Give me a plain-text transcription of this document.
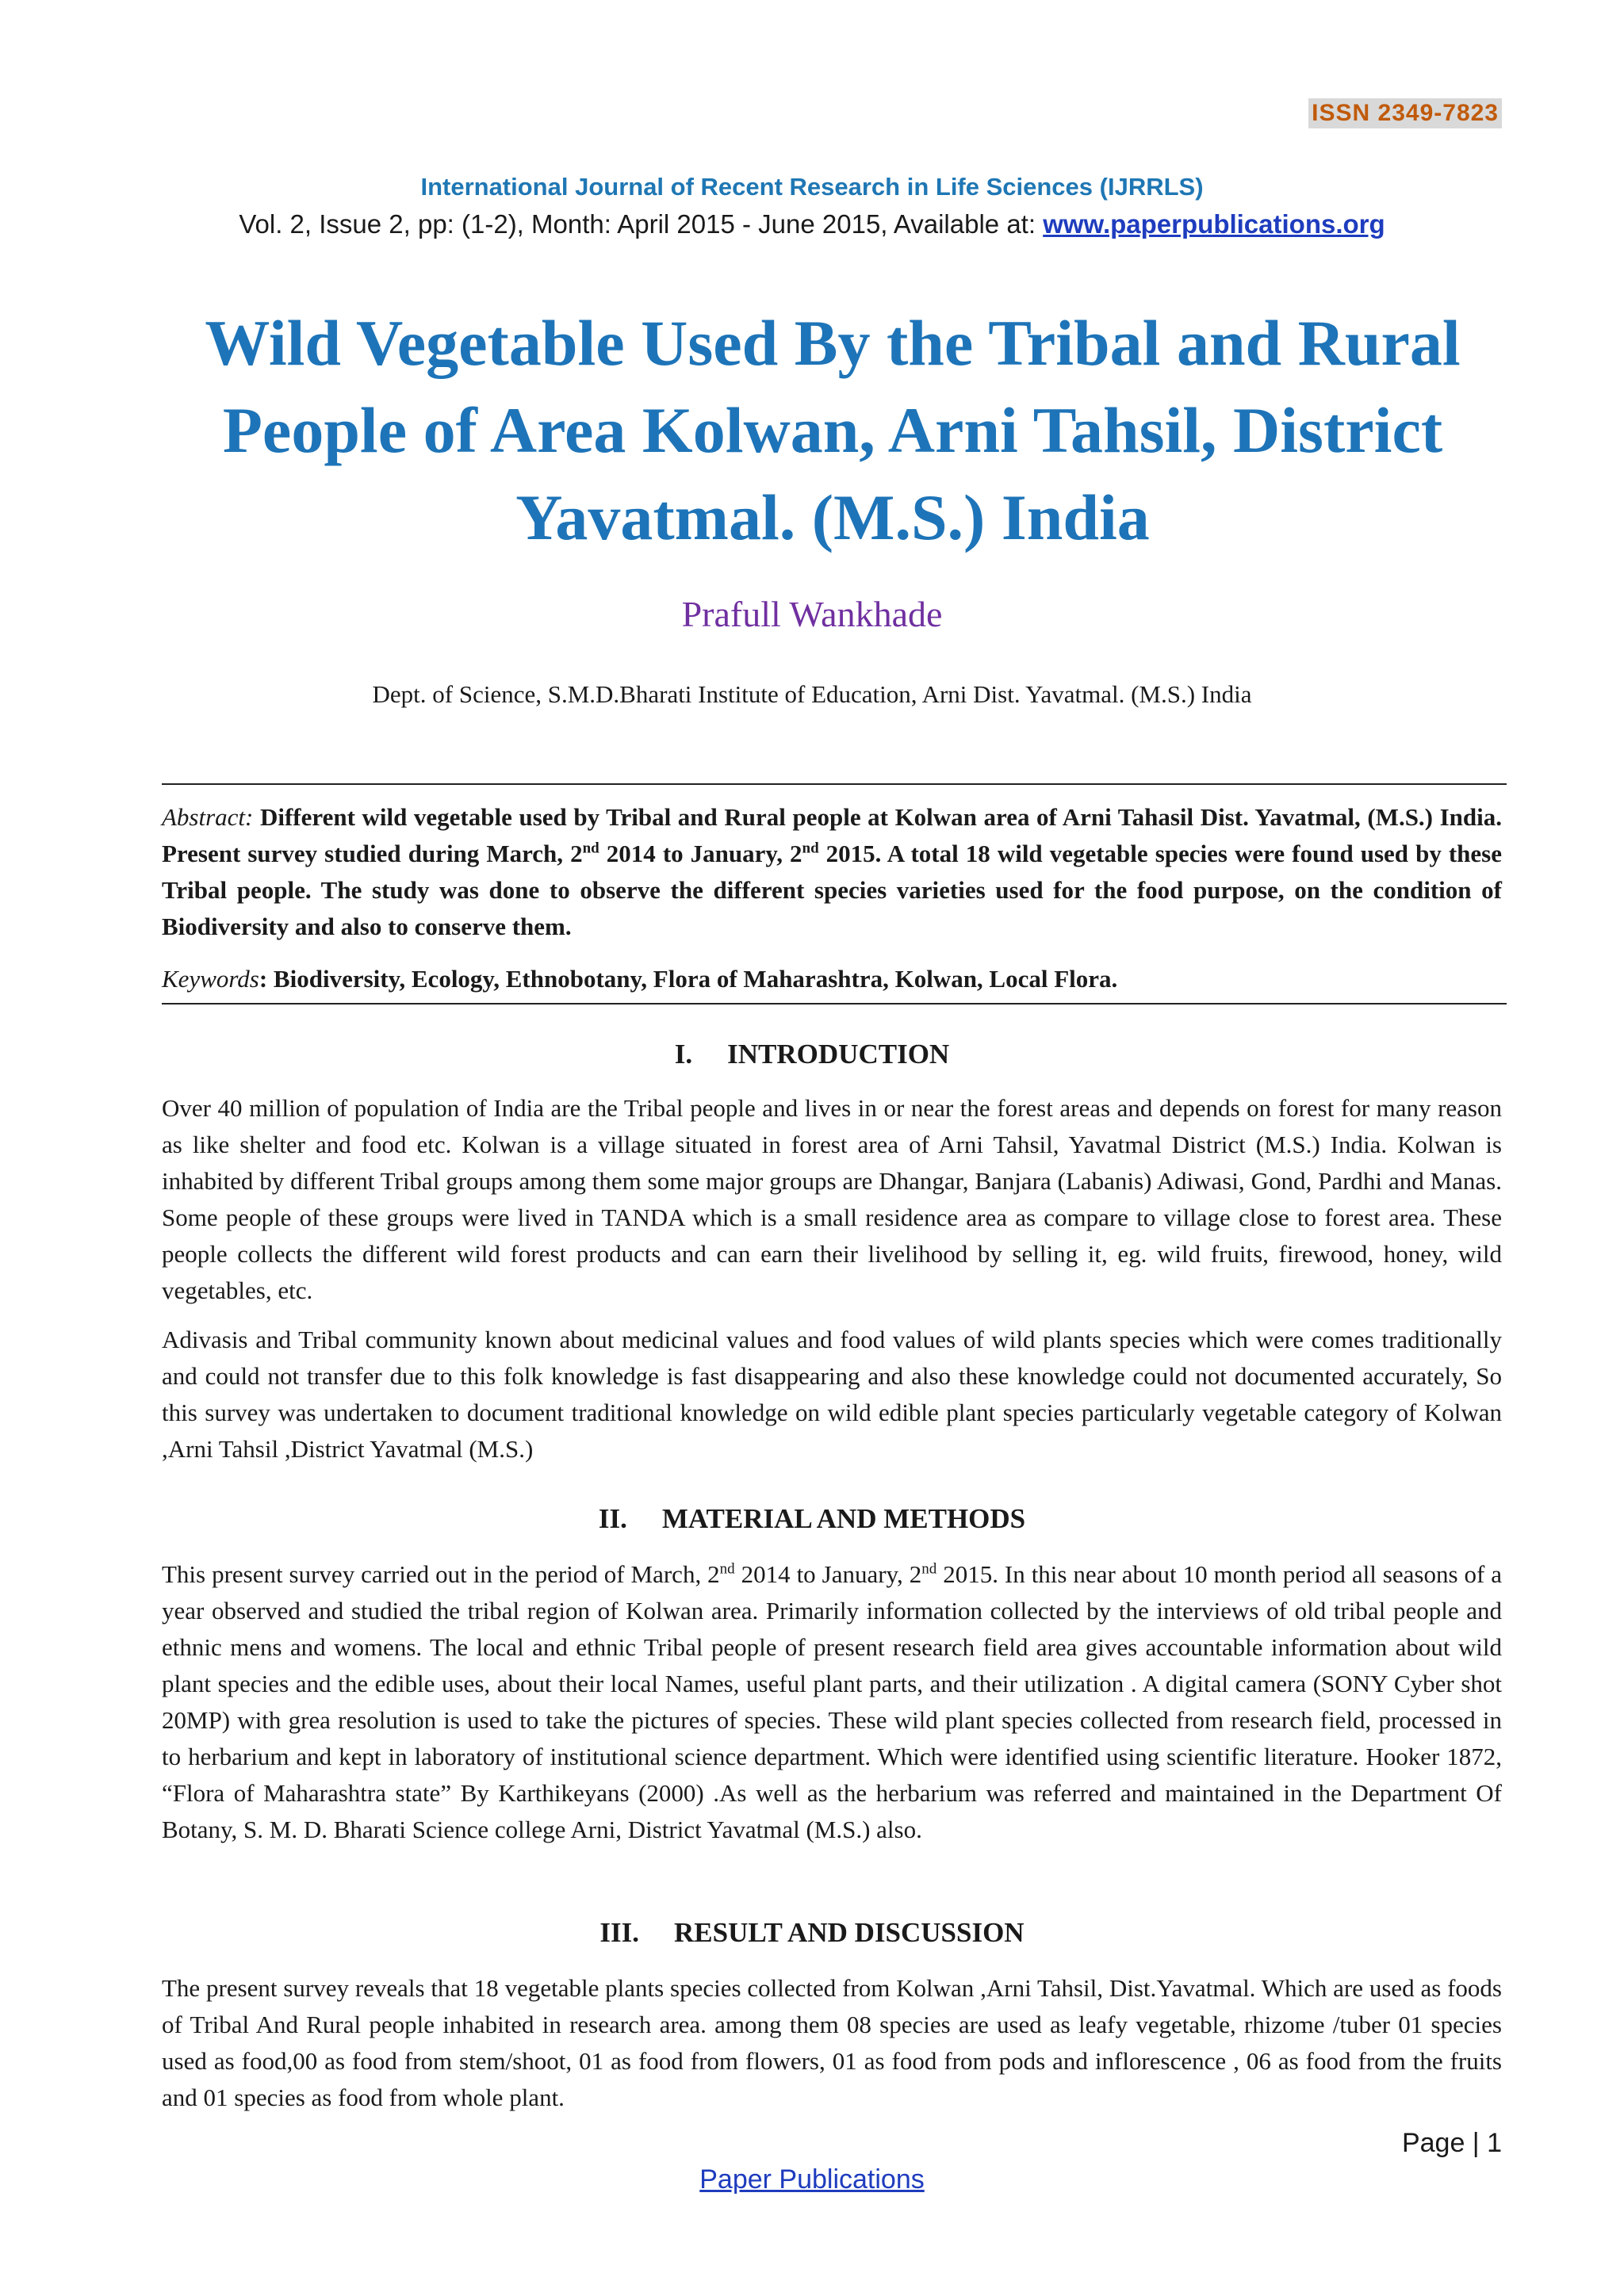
ISSN 2349-7823
International Journal of Recent Research in Life Sciences (IJRRLS)
Vol. 2, Issue 2, pp: (1-2), Month: April 2015 - June 2015, Available at: www.paperpublications.org
Wild Vegetable Used By the Tribal and Rural People of Area Kolwan, Arni Tahsil, District Yavatmal. (M.S.) India
Prafull Wankhade
Dept. of Science, S.M.D.Bharati Institute of Education, Arni Dist. Yavatmal. (M.S.) India

Abstract: Different wild vegetable used by Tribal and Rural people at Kolwan area of Arni Tahasil Dist. Yavatmal, (M.S.) India. Present survey studied during March, 2nd 2014 to January, 2nd 2015. A total 18 wild vegetable species were found used by these Tribal people. The study was done to observe the different species varieties used for the food purpose, on the condition of Biodiversity and also to conserve them.

Keywords: Biodiversity, Ecology, Ethnobotany, Flora of Maharashtra, Kolwan, Local Flora.

I. INTRODUCTION

Over 40 million of population of India are the Tribal people and lives in or near the forest areas and depends on forest for many reason as like shelter and food etc. Kolwan is a village situated in forest area of Arni Tahsil, Yavatmal District (M.S.) India. Kolwan is inhabited by different Tribal groups among them some major groups are Dhangar, Banjara (Labanis) Adiwasi, Gond, Pardhi and Manas. Some people of these groups were lived in TANDA which is a small residence area as compare to village close to forest area. These people collects the different wild forest products and can earn their livelihood by selling it, eg. wild fruits, firewood, honey, wild vegetables, etc.

Adivasis and Tribal community known about medicinal values and food values of wild plants species which were comes traditionally and could not transfer due to this folk knowledge is fast disappearing and also these knowledge could not documented accurately, So this survey was undertaken to document traditional knowledge on wild edible plant species particularly vegetable category of Kolwan ,Arni Tahsil ,District Yavatmal (M.S.)

II. MATERIAL AND METHODS

This present survey carried out in the period of March, 2nd 2014 to January, 2nd 2015. In this near about 10 month period all seasons of a year observed and studied the tribal region of Kolwan area. Primarily information collected by the interviews of old tribal people and ethnic mens and womens. The local and ethnic Tribal people of present research field area gives accountable information about wild plant species and the edible uses, about their local Names, useful plant parts, and their utilization . A digital camera (SONY Cyber shot 20MP) with grea resolution is used to take the pictures of species. These wild plant species collected from research field, processed in to herbarium and kept in laboratory of institutional science department. Which were identified using scientific literature. Hooker 1872, “Flora of Maharashtra state” By Karthikeyans (2000) .As well as the herbarium was referred and maintained in the Department Of Botany, S. M. D. Bharati Science college Arni, District Yavatmal (M.S.) also.

III. RESULT AND DISCUSSION

The present survey reveals that 18 vegetable plants species collected from Kolwan ,Arni Tahsil, Dist.Yavatmal. Which are used as foods of Tribal And Rural people inhabited in research area. among them 08 species are used as leafy vegetable, rhizome /tuber 01 species used as food,00 as food from stem/shoot, 01 as food from flowers, 01 as food from pods and inflorescence , 06 as food from the fruits and 01 species as food from whole plant.

Page | 1
Paper Publications
